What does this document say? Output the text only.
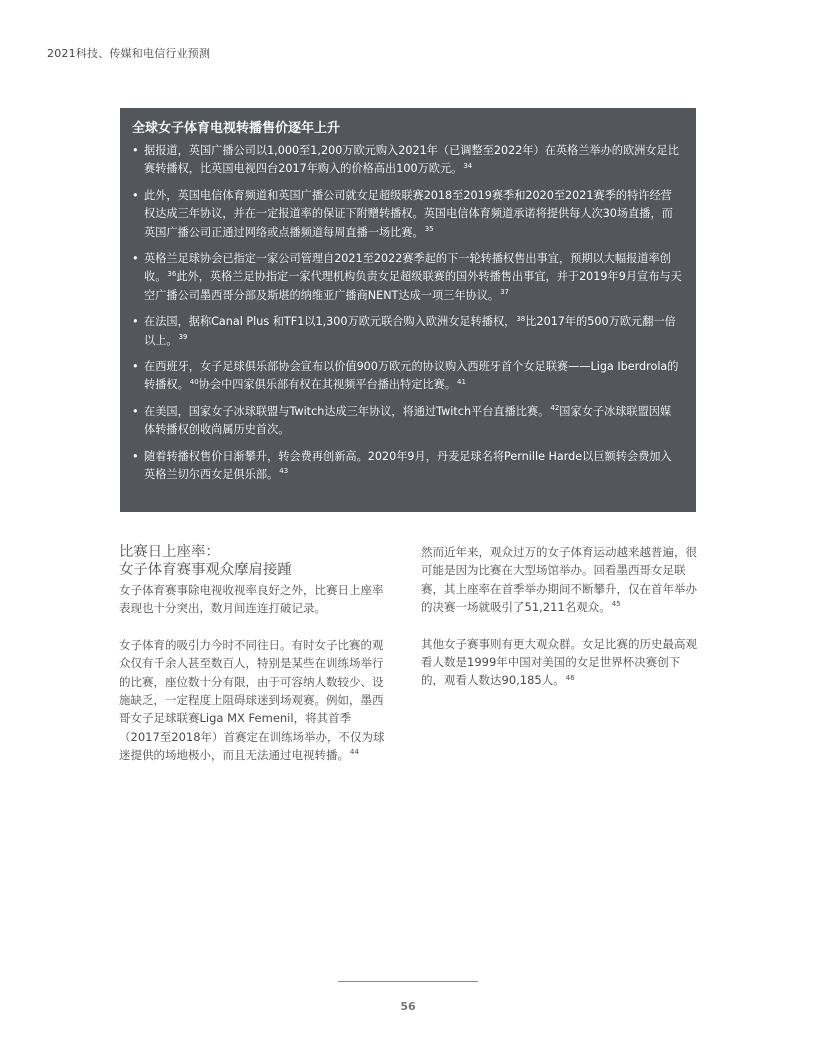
2021科技、传媒和电信行业预测
全球女子体育电视转播售价逐年上升
• 据报道，英国广播公司以1,000至1,200万欧元购入2021年（已调整至2022年）在英格兰举办的欧洲女足比赛转播权，比英国电视四台2017年购入的价格高出100万欧元。$^{34}$
• 此外，英国电信体育频道和英国广播公司就女足超级联赛2018至2019赛季和2020至2021赛季的特许经营权达成三年协议，并在一定报道率的保证下附赠转播权。英国电信体育频道承诺将提供每人次30场直播，而英国广播公司正通过网络或点播频道每周直播一场比赛。$^{35}$
• 英格兰足球协会已指定一家公司管理自2021至2022赛季起的下一轮转播权售出事宜，预期以大幅报道率创收。$^{36}$此外，英格兰足协指定一家代理机构负责女足超级联赛的国外转播售出事宜，并于2019年9月宣布与天空广播公司墨西哥分部及斯堪的纳维亚广播商NENT达成一项三年协议。$^{37}$
• 在法国，据称Canal Plus 和TF1以1,300万欧元联合购入欧洲女足转播权，$^{38}$比2017年的500万欧元翻一倍以上。$^{39}$
• 在西班牙，女子足球俱乐部协会宣布以价值900万欧元的协议购入西班牙首个女足联赛——Liga Iberdrola的转播权。$^{40}$协会中四家俱乐部有权在其视频平台播出特定比赛。$^{41}$
• 在美国，国家女子冰球联盟与Twitch达成三年协议，将通过Twitch平台直播比赛。$^{42}$国家女子冰球联盟因媒体转播权创收尚属历史首次。
• 随着转播权售价日渐攀升，转会费再创新高。2020年9月，丹麦足球名将Pernille Harde以巨额转会费加入英格兰切尔西女足俱乐部。$^{43}$
比赛日上座率：
女子体育赛事观众摩肩接踵

女子体育赛事除电视收视率良好之外，比赛日上座率表现也十分突出，数月间连连打破记录。

女子体育的吸引力今时不同往日。有时女子比赛的观众仅有千余人甚至数百人，特别是某些在训练场举行的比赛，座位数十分有限，由于可容纳人数较少、设施缺乏，一定程度上阻碍球迷到场观赛。例如，墨西哥女子足球联赛Liga MX Femenil，将其首季（2017至2018年）首赛定在训练场举办，不仅为球迷提供的场地极小，而且无法通过电视转播。$^{44}$

然而近年来，观众过万的女子体育运动越来越普遍，很可能是因为比赛在大型场馆举办。回看墨西哥女足联赛，其上座率在首季举办期间不断攀升，仅在首年举办的决赛一场就吸引了51,211名观众。$^{45}$

其他女子赛事则有更大观众群。女足比赛的历史最高观看人数是1999年中国对美国的女足世界杯决赛创下的，观看人数达90,185人。$^{46}$

56
